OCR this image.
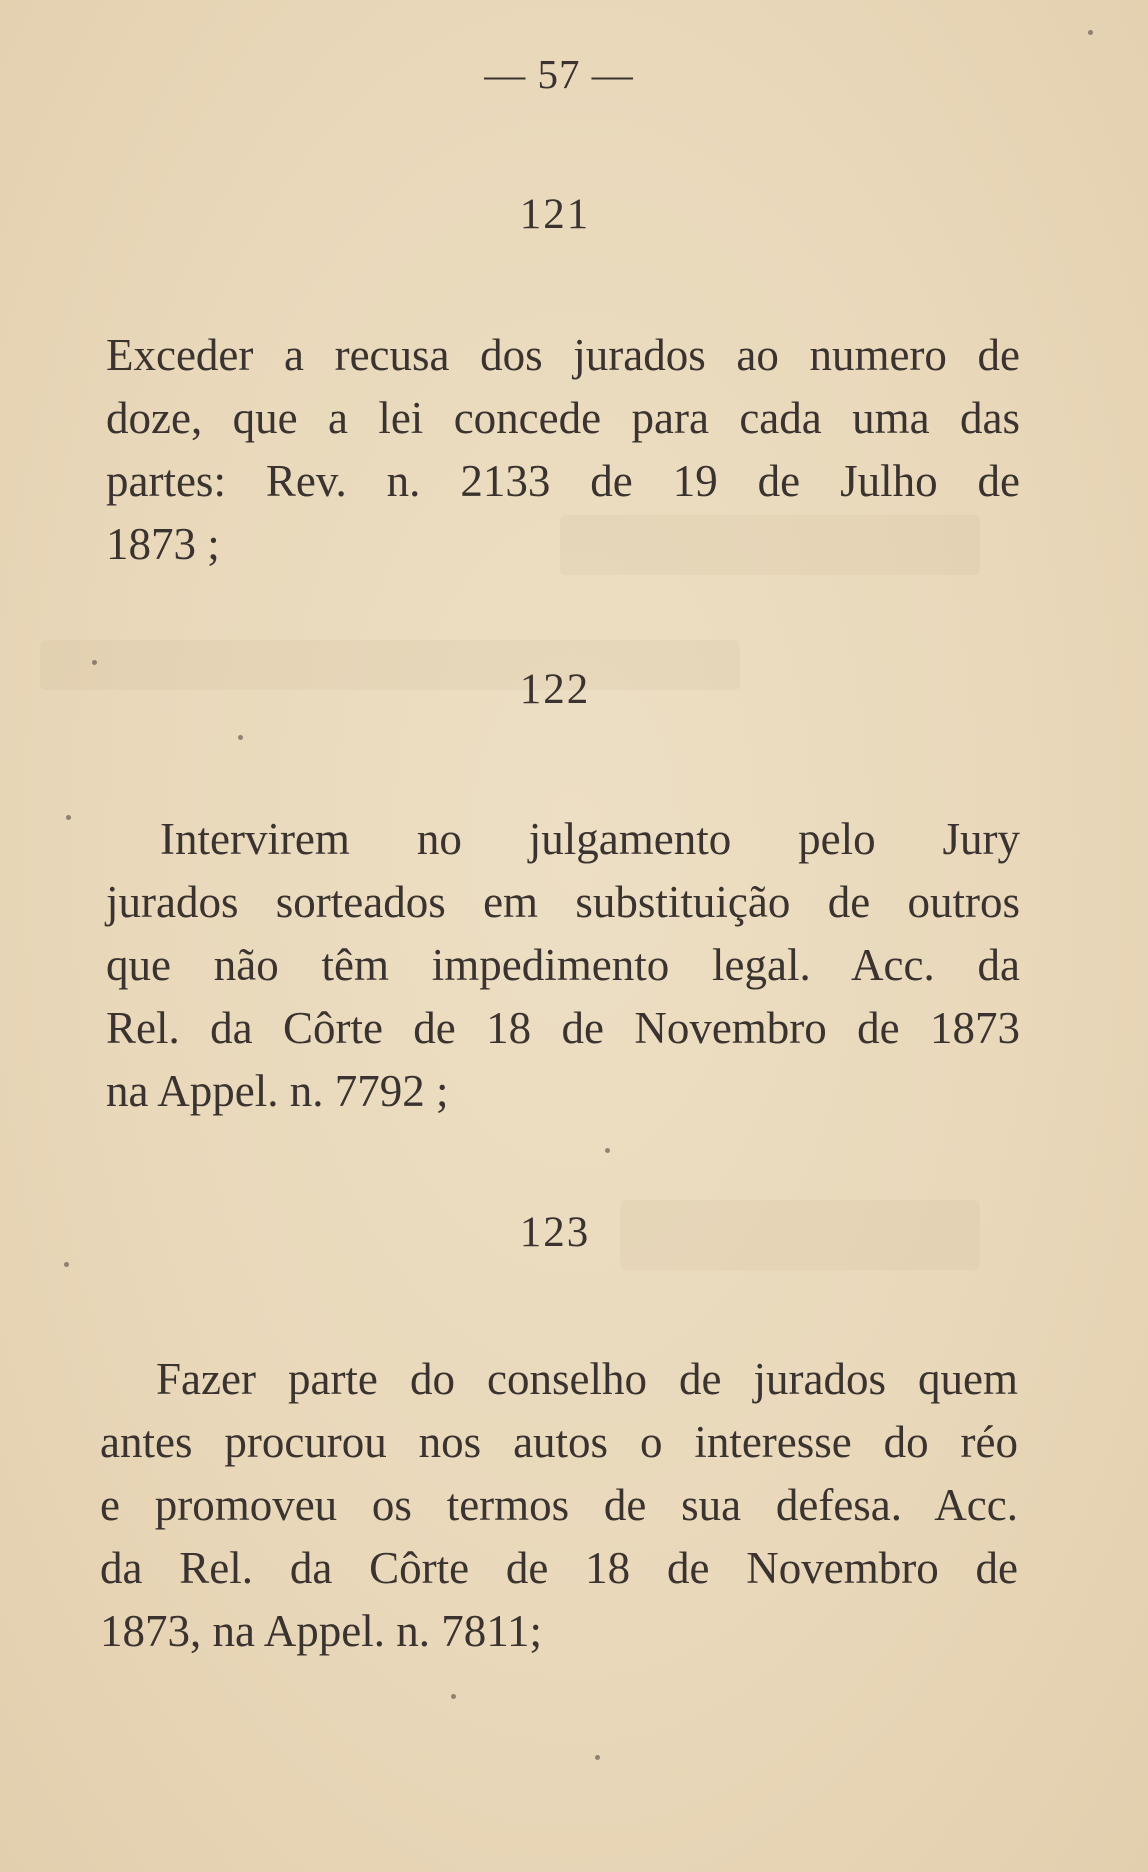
— 57 —
121
Exceder a recusa dos jurados ao numero de
doze, que a lei concede para cada uma das
partes: Rev. n. 2133 de 19 de Julho de
1873 ;
122
Intervirem no julgamento pelo Jury
jurados sorteados em substituição de outros
que não têm impedimento legal. Acc. da
Rel. da Côrte de 18 de Novembro de 1873
na Appel. n. 7792 ;
123
Fazer parte do conselho de jurados quem
antes procurou nos autos o interesse do réo
e promoveu os termos de sua defesa. Acc.
da Rel. da Côrte de 18 de Novembro de
1873, na Appel. n. 7811;
